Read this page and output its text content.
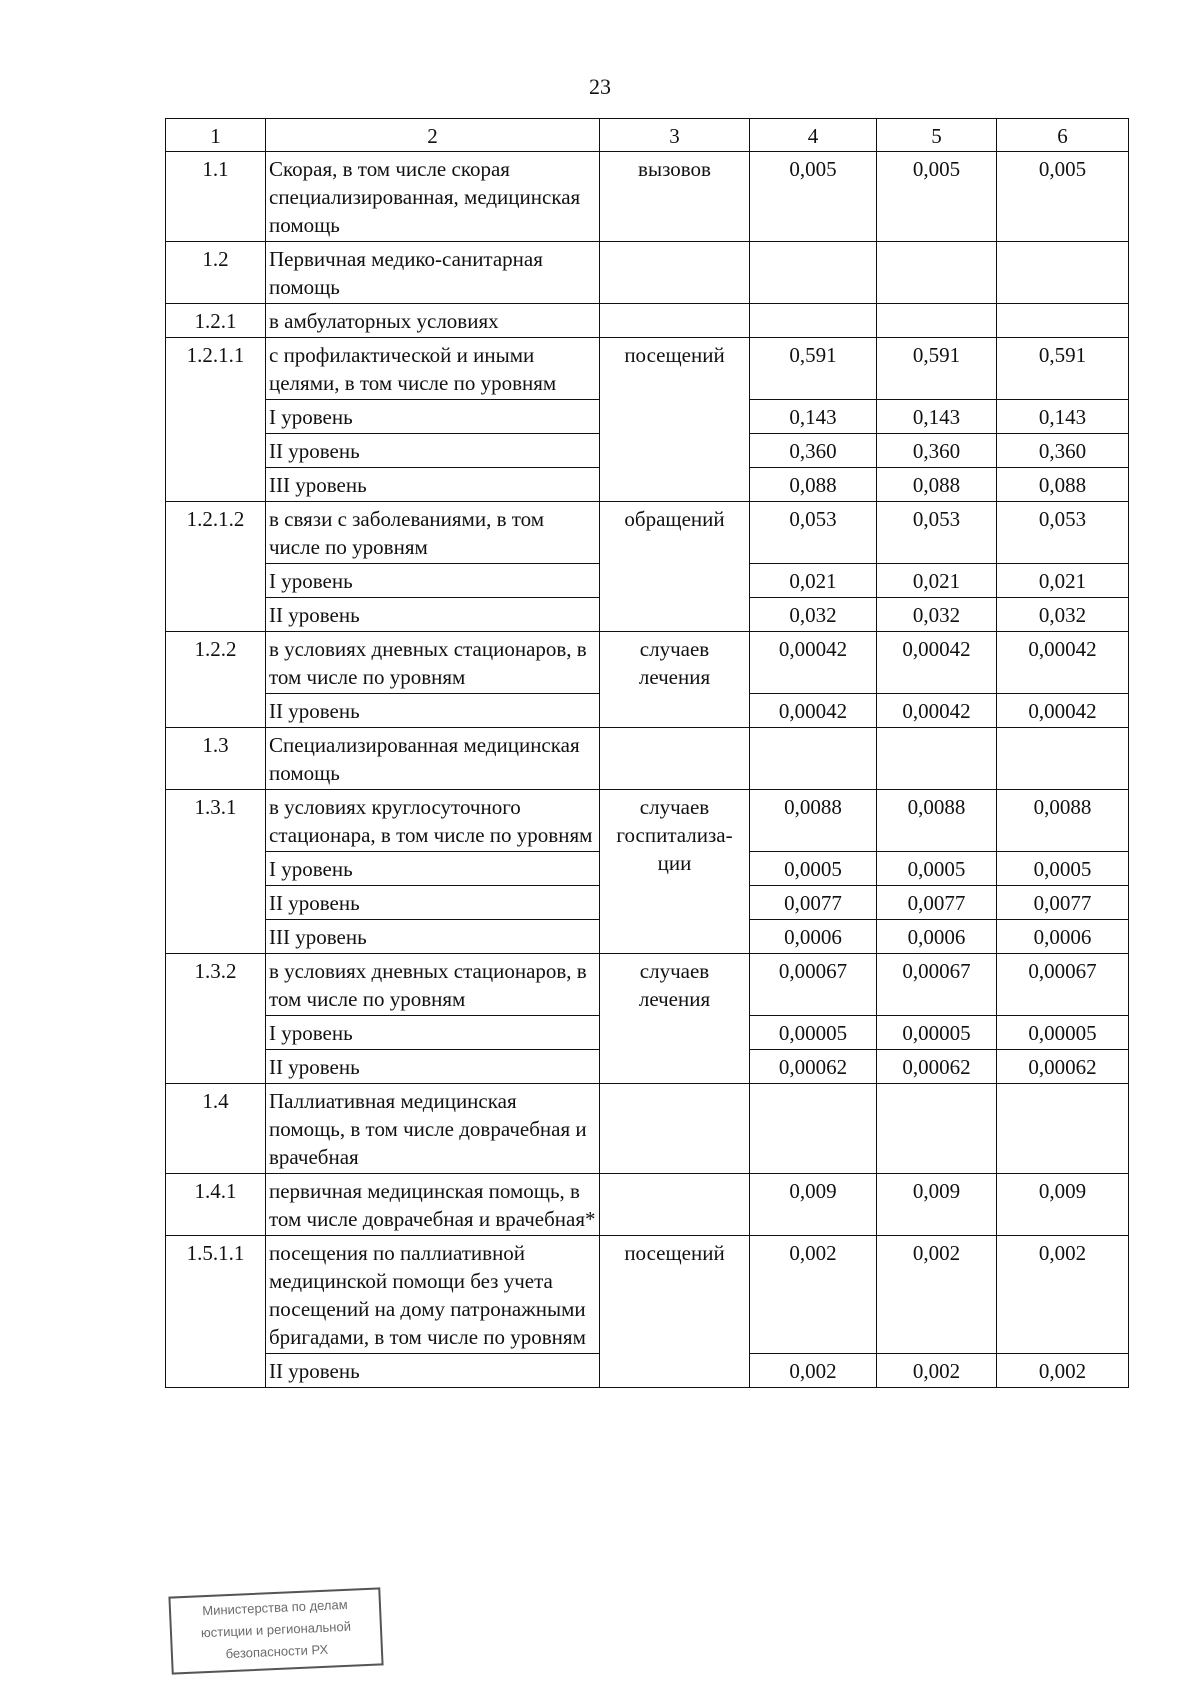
23
1	2	3	4	5	6
1.1	Скорая, в том числе скорая специализированная, медицинская помощь	вызовов	0,005	0,005	0,005
1.2	Первичная медико-санитарная помощь				
1.2.1	в амбулаторных условиях				
1.2.1.1	с профилактической и иными целями, в том числе по уровням	посещений	0,591	0,591	0,591
	I уровень		0,143	0,143	0,143
	II уровень		0,360	0,360	0,360
	III уровень		0,088	0,088	0,088
1.2.1.2	в связи с заболеваниями, в том числе по уровням	обращений	0,053	0,053	0,053
	I уровень		0,021	0,021	0,021
	II уровень		0,032	0,032	0,032
1.2.2	в условиях дневных стационаров, в том числе по уровням	случаев лечения	0,00042	0,00042	0,00042
	II уровень		0,00042	0,00042	0,00042
1.3	Специализированная медицинская помощь				
1.3.1	в условиях круглосуточного стационара, в том числе по уровням	случаев госпитализа-ции	0,0088	0,0088	0,0088
	I уровень		0,0005	0,0005	0,0005
	II уровень		0,0077	0,0077	0,0077
	III уровень		0,0006	0,0006	0,0006
1.3.2	в условиях дневных стационаров, в том числе по уровням	случаев лечения	0,00067	0,00067	0,00067
	I уровень		0,00005	0,00005	0,00005
	II уровень		0,00062	0,00062	0,00062
1.4	Паллиативная медицинская помощь, в том числе доврачебная и врачебная				
1.4.1	первичная медицинская помощь, в том числе доврачебная и врачебная*		0,009	0,009	0,009
1.5.1.1	посещения по паллиативной медицинской помощи без учета посещений на дому патронажными бригадами, в том числе по уровням	посещений	0,002	0,002	0,002
	II уровень		0,002	0,002	0,002
Министерства по делам
юстиции и региональной
безопасности РХ
